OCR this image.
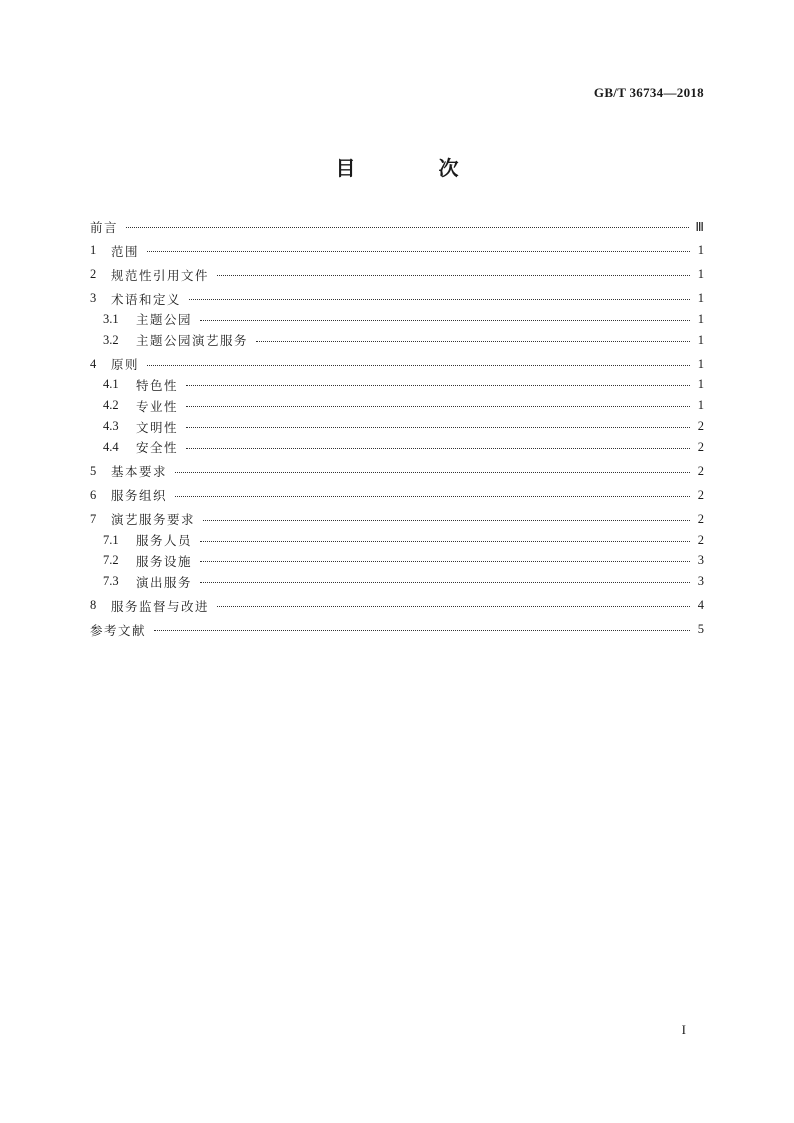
GB/T 36734—2018
目 次
前言	Ⅲ
1	范围	1
2	规范性引用文件	1
3	术语和定义	1
3.1	主题公园	1
3.2	主题公园演艺服务	1
4	原则	1
4.1	特色性	1
4.2	专业性	1
4.3	文明性	2
4.4	安全性	2
5	基本要求	2
6	服务组织	2
7	演艺服务要求	2
7.1	服务人员	2
7.2	服务设施	3
7.3	演出服务	3
8	服务监督与改进	4
参考文献	5
I
